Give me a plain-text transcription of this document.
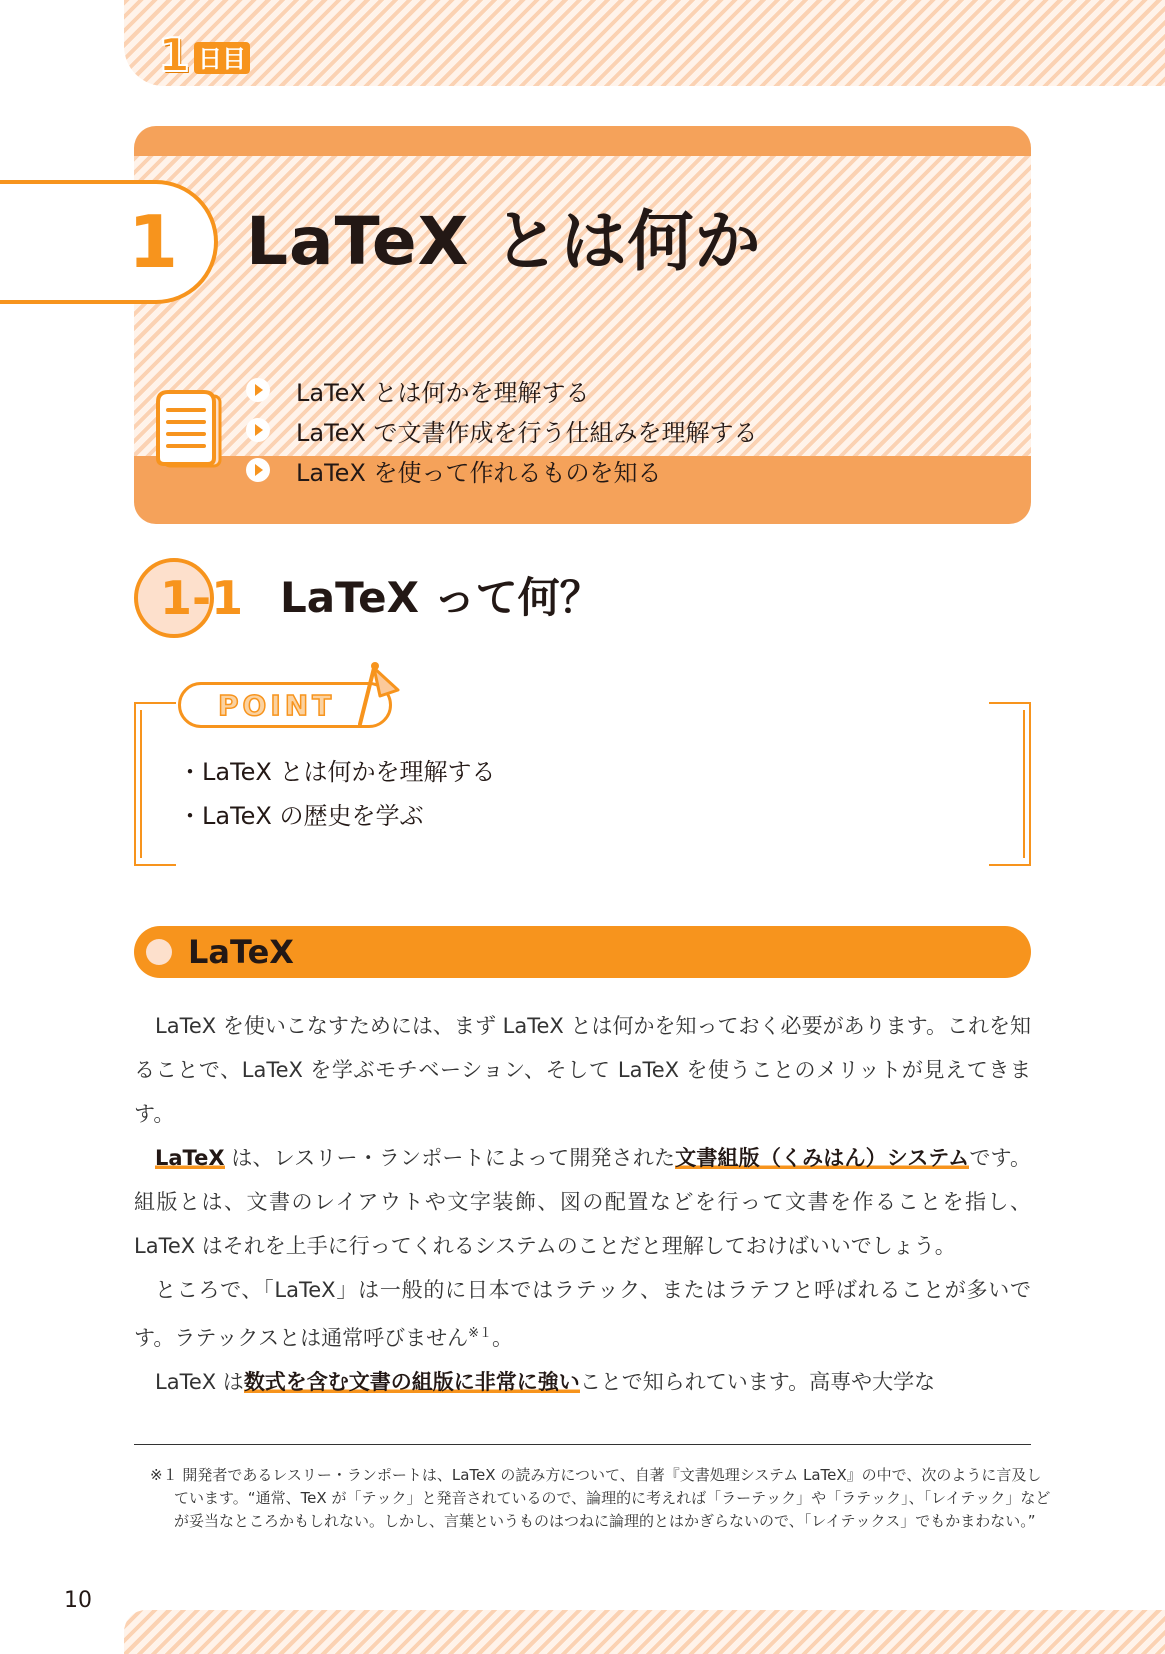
1 日目
1 LaTeX とは何か
LaTeX とは何かを理解する
LaTeX で文書作成を行う仕組みを理解する
LaTeX を使って作れるものを知る
1-1 LaTeX って何？
POINT
・ LaTeX とは何かを理解する
・ LaTeX の歴史を学ぶ
LaTeX

LaTeX を使いこなすためには、まず LaTeX とは何かを知っておく必要があります。これを知ることで、LaTeX を学ぶモチベーション、そして LaTeX を使うことのメリットが見えてきます。

LaTeX は、レスリー・ランポートによって開発された文書組版（くみはん）システムです。組版とは、文書のレイアウトや文字装飾、図の配置などを行って文書を作ることを指し、LaTeX はそれを上手に行ってくれるシステムのことだと理解しておけばいいでしょう。

ところで、「LaTeX」は一般的に日本ではラテック、またはラテフと呼ばれることが多いです。ラテックスとは通常呼びません$^{※1}$。

LaTeX は数式を含む文書の組版に非常に強いことで知られています。高専や大学な

※１ 開発者であるレスリー・ランポートは、LaTeX の読み方について、自著『文書処理システム LaTeX』の中で、次のように言及しています。“通常、TeX が「テック」と発音されているので、論理的に考えれば「ラーテック」や「ラテック」、「レイテック」などが妥当なところかもしれない。しかし、言葉というものはつねに論理的とはかぎらないので、「レイテックス」でもかまわない。”
10
